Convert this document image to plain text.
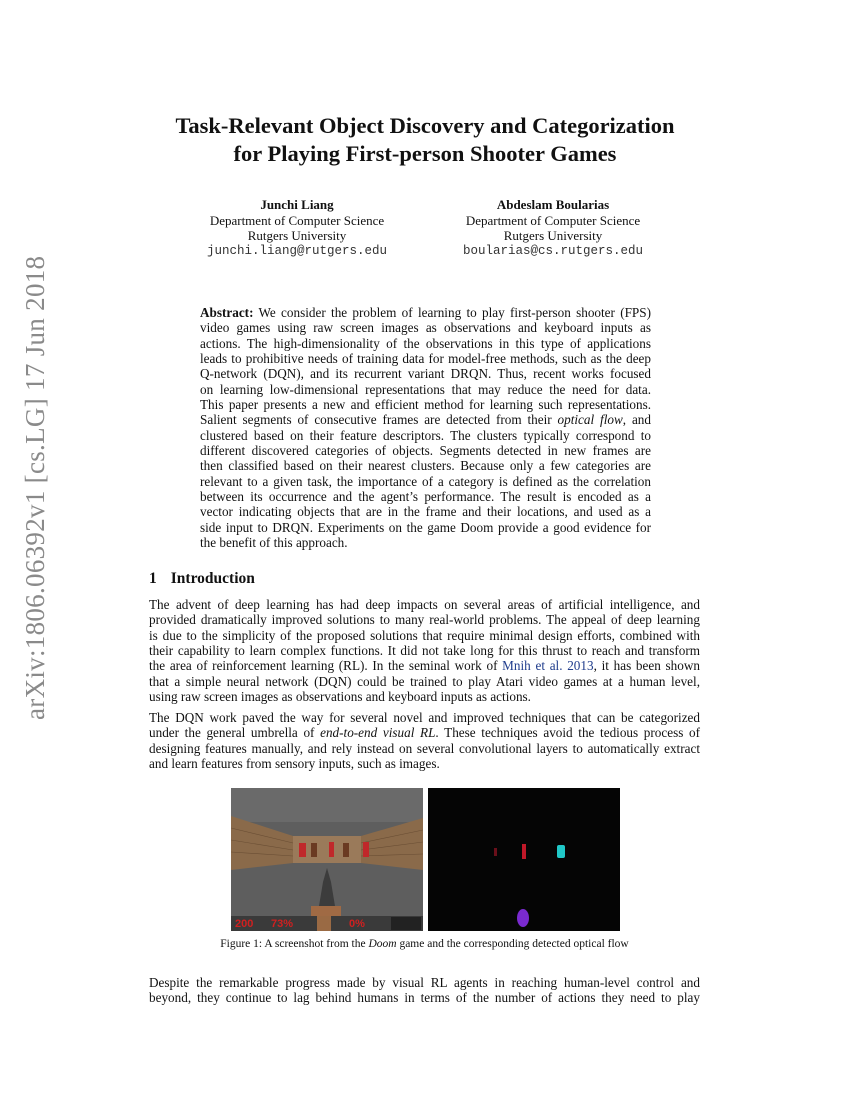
arXiv:1806.06392v1 [cs.LG] 17 Jun 2018
Task-Relevant Object Discovery and Categorization
for Playing First-person Shooter Games
Junchi Liang
Department of Computer Science
Rutgers University
junchi.liang@rutgers.edu
Abdeslam Boularias
Department of Computer Science
Rutgers University
boularias@cs.rutgers.edu
Abstract: We consider the problem of learning to play first-person shooter (FPS)
video games using raw screen images as observations and keyboard inputs as
actions. The high-dimensionality of the observations in this type of applications
leads to prohibitive needs of training data for model-free methods, such as the deep
Q-network (DQN), and its recurrent variant DRQN. Thus, recent works focused
on learning low-dimensional representations that may reduce the need for data.
This paper presents a new and efficient method for learning such representations.
Salient segments of consecutive frames are detected from their optical flow, and
clustered based on their feature descriptors. The clusters typically correspond to
different discovered categories of objects. Segments detected in new frames are
then classified based on their nearest clusters. Because only a few categories are
relevant to a given task, the importance of a category is defined as the correlation
between its occurrence and the agent’s performance. The result is encoded as a
vector indicating objects that are in the frame and their locations, and used as a
side input to DRQN. Experiments on the game Doom provide a good evidence for
the benefit of this approach.
1 Introduction
The advent of deep learning has had deep impacts on several areas of artificial intelligence, and
provided dramatically improved solutions to many real-world problems. The appeal of deep learning
is due to the simplicity of the proposed solutions that require minimal design efforts, combined with
their capability to learn complex functions. It did not take long for this thrust to reach and transform
the area of reinforcement learning (RL). In the seminal work of Mnih et al. 2013, it has been shown
that a simple neural network (DQN) could be trained to play Atari video games at a human level,
using raw screen images as observations and keyboard inputs as actions.
The DQN work paved the way for several novel and improved techniques that can be categorized
under the general umbrella of end-to-end visual RL. These techniques avoid the tedious process of
designing features manually, and rely instead on several convolutional layers to automatically extract
and learn features from sensory inputs, such as images.
200 73%	0%
Figure 1: A screenshot from the Doom game and the corresponding detected optical flow
Despite the remarkable progress made by visual RL agents in reaching human-level control and
beyond, they continue to lag behind humans in terms of the number of actions they need to play
